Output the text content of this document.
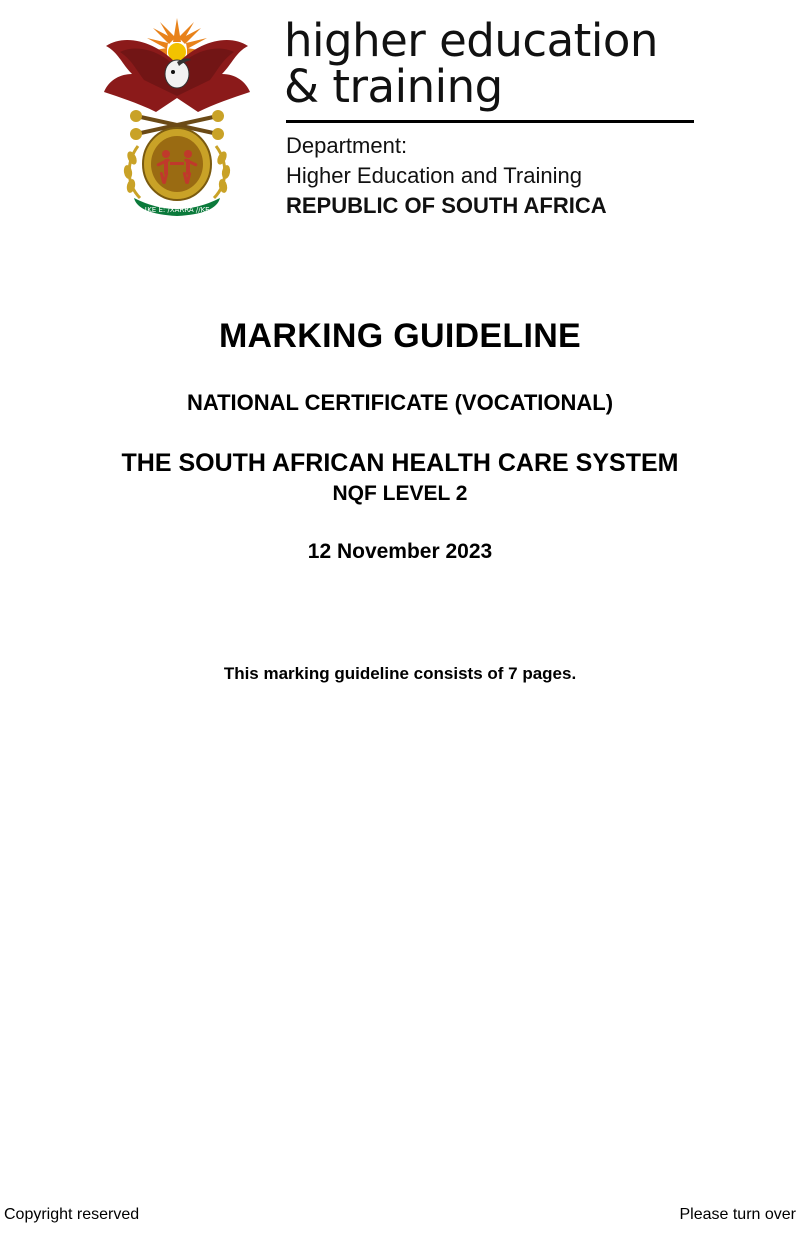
!KE E: /XARRA //KE
higher education
& training
Department:
Higher Education and Training
REPUBLIC OF SOUTH AFRICA
MARKING GUIDELINE
NATIONAL CERTIFICATE (VOCATIONAL)
THE SOUTH AFRICAN HEALTH CARE SYSTEM
NQF LEVEL 2
12 November 2023
This marking guideline consists of 7 pages.
Copyright reserved	Please turn over
